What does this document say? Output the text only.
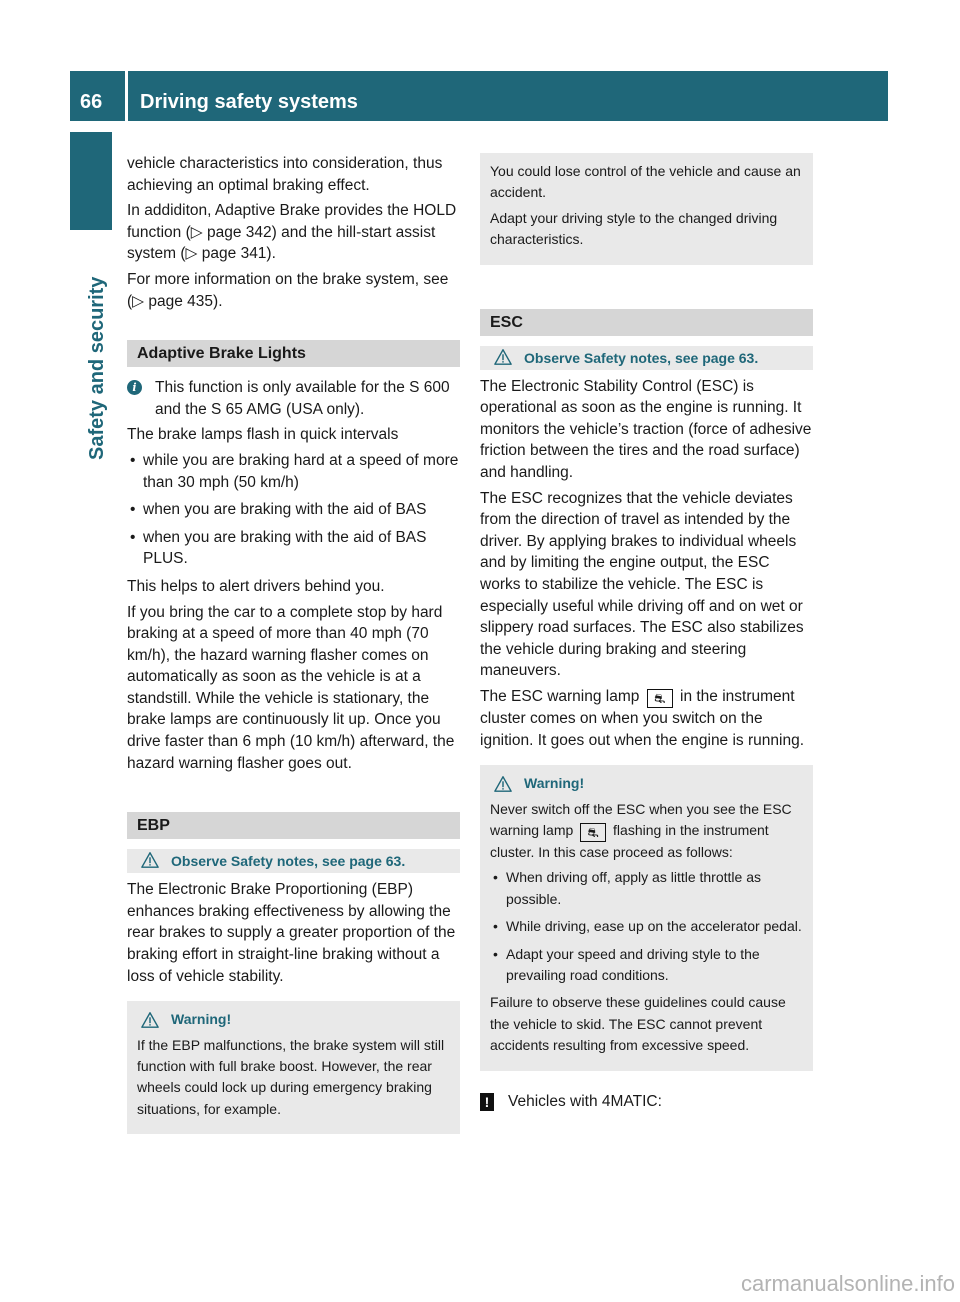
66 Driving safety systems
Safety and security

vehicle characteristics into consideration, thus achieving an optimal braking effect.

In addiditon, Adaptive Brake provides the HOLD function (▷ page 342) and the hill-start assist system (▷ page 341).

For more information on the brake system, see (▷ page 435).

Adaptive Brake Lights
i	This function is only available for the S 600 and the S 65 AMG (USA only).

The brake lamps flash in quick intervals

• while you are braking hard at a speed of more than 30 mph (50 km/h)
• when you are braking with the aid of BAS
• when you are braking with the aid of BAS PLUS.

This helps to alert drivers behind you.

If you bring the car to a complete stop by hard braking at a speed of more than 40 mph (70 km/h), the hazard warning flasher comes on automatically as soon as the vehicle is at a standstill. While the vehicle is stationary, the brake lamps are continuously lit up. Once you drive faster than 6 mph (10 km/h) afterward, the hazard warning flasher goes out.

EBP
Observe Safety notes, see page 63.

The Electronic Brake Proportioning (EBP) enhances braking effectiveness by allowing the rear brakes to supply a greater proportion of the braking effort in straight-line braking without a loss of vehicle stability.

Warning!

If the EBP malfunctions, the brake system will still function with full brake boost. However, the rear wheels could lock up during emergency braking situations, for example.

You could lose control of the vehicle and cause an accident.

Adapt your driving style to the changed driving characteristics.

ESC
Observe Safety notes, see page 63.

The Electronic Stability Control (ESC) is operational as soon as the engine is running. It monitors the vehicle’s traction (force of adhesive friction between the tires and the road surface) and handling.

The ESC recognizes that the vehicle deviates from the direction of travel as intended by the driver. By applying brakes to individual wheels and by limiting the engine output, the ESC works to stabilize the vehicle. The ESC is especially useful while driving off and on wet or slippery road surfaces. The ESC also stabilizes the vehicle during braking and steering maneuvers.

The ESC warning lamp ⛐ in the instrument cluster comes on when you switch on the ignition. It goes out when the engine is running.

Warning!

Never switch off the ESC when you see the ESC warning lamp ⛐ flashing in the instrument cluster. In this case proceed as follows:

• When driving off, apply as little throttle as possible.
• While driving, ease up on the accelerator pedal.
• Adapt your speed and driving style to the prevailing road conditions.

Failure to observe these guidelines could cause the vehicle to skid. The ESC cannot prevent accidents resulting from excessive speed.

!	Vehicles with 4MATIC:
carmanualsonline.info
